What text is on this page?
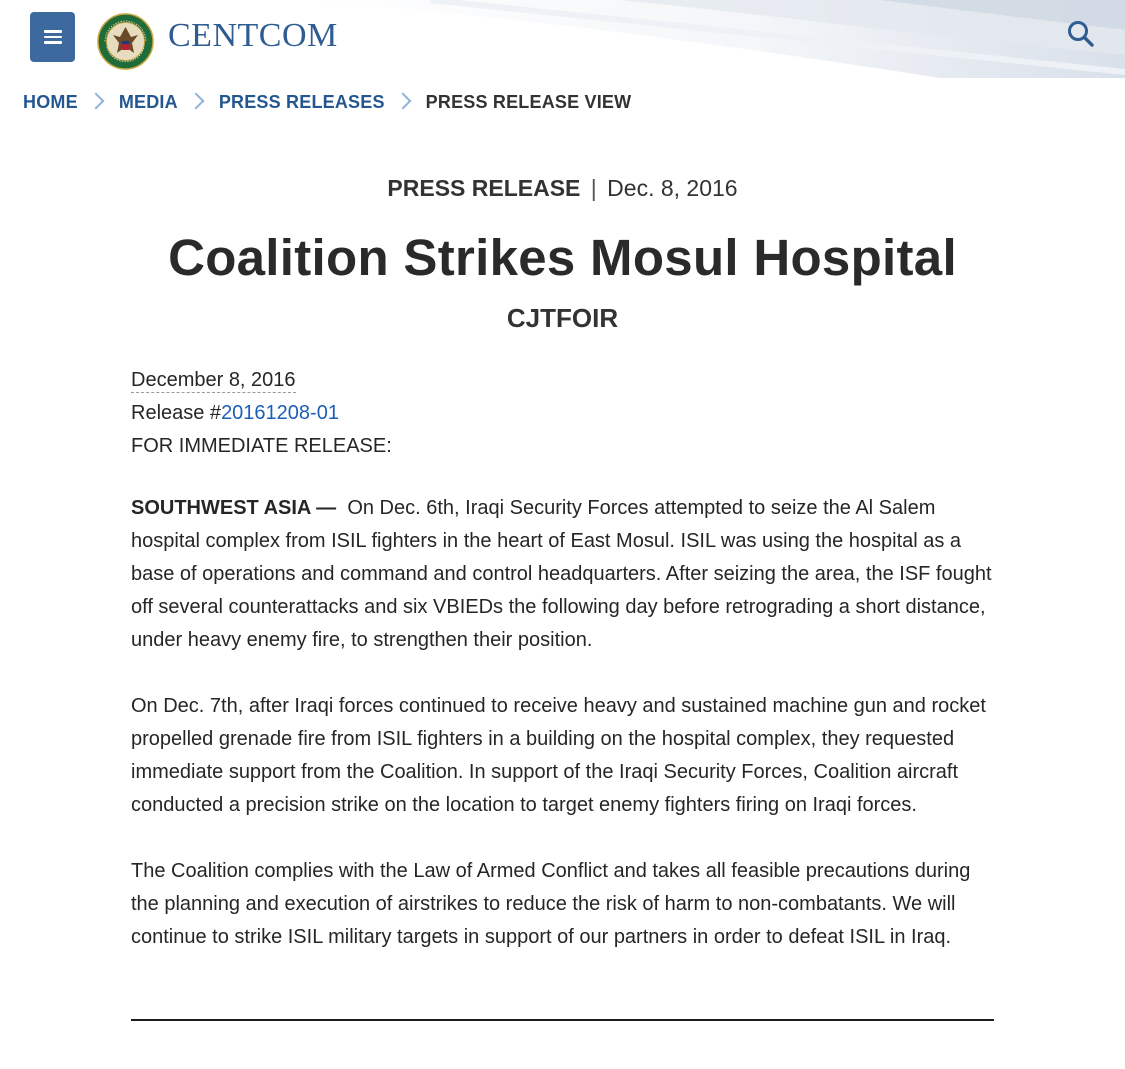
CENTCOM
HOME MEDIA PRESS RELEASES PRESS RELEASE VIEW
PRESS RELEASE | Dec. 8, 2016
Coalition Strikes Mosul Hospital
CJTFOIR
December 8, 2016
Release #20161208-01
FOR IMMEDIATE RELEASE:

SOUTHWEST ASIA — On Dec. 6th, Iraqi Security Forces attempted to seize the Al Salem hospital complex from ISIL fighters in the heart of East Mosul. ISIL was using the hospital as a base of operations and command and control headquarters. After seizing the area, the ISF fought off several counterattacks and six VBIEDs the following day before retrograding a short distance, under heavy enemy fire, to strengthen their position.

On Dec. 7th, after Iraqi forces continued to receive heavy and sustained machine gun and rocket propelled grenade fire from ISIL fighters in a building on the hospital complex, they requested immediate support from the Coalition. In support of the Iraqi Security Forces, Coalition aircraft conducted a precision strike on the location to target enemy fighters firing on Iraqi forces.

The Coalition complies with the Law of Armed Conflict and takes all feasible precautions during the planning and execution of airstrikes to reduce the risk of harm to non-combatants. We will continue to strike ISIL military targets in support of our partners in order to defeat ISIL in Iraq.
